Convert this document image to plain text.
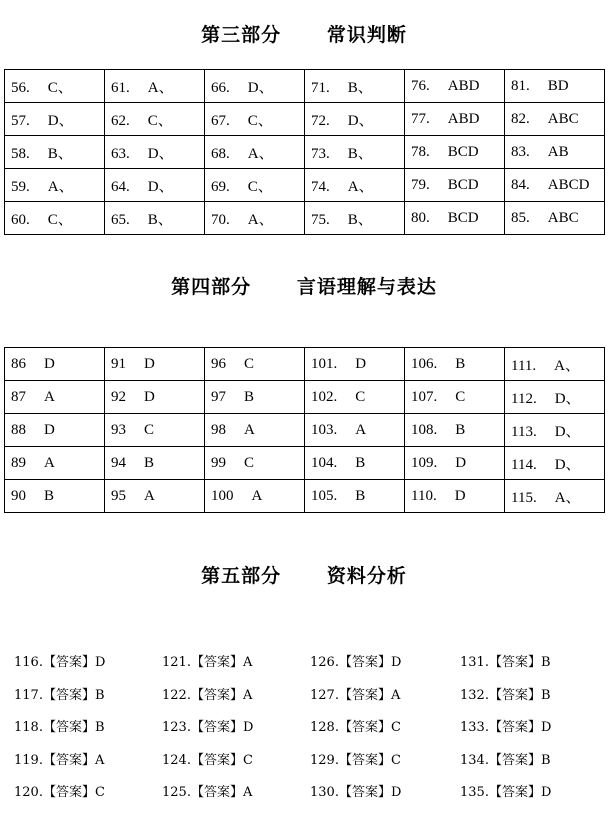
第三部分      常识判断
56. C、	61. A、	66. D、	71. B、	76. ABD	81. BD
57. D、	62. C、	67. C、	72. D、	77. ABD	82. ABC
58. B、	63. D、	68. A、	73. B、	78. BCD	83. AB
59. A、	64. D、	69. C、	74. A、	79. BCD	84. ABCD
60. C、	65. B、	70. A、	75. B、	80. BCD	85. ABC
第四部分      言语理解与表达
86 D	91 D	96 C	101. D	106. B	111. A、
87 A	92 D	97 B	102. C	107. C	112. D、
88 D	93 C	98 A	103. A	108. B	113. D、
89 A	94 B	99 C	104. B	109. D	114. D、
90 B	95 A	100 A	105. B	110. D	115. A、
第五部分      资料分析
116.【答案】D	121.【答案】A	126.【答案】D	131.【答案】B
117.【答案】B	122.【答案】A	127.【答案】A	132.【答案】B
118.【答案】B	123.【答案】D	128.【答案】C	133.【答案】D
119.【答案】A	124.【答案】C	129.【答案】C	134.【答案】B
120.【答案】C	125.【答案】A	130.【答案】D	135.【答案】D
